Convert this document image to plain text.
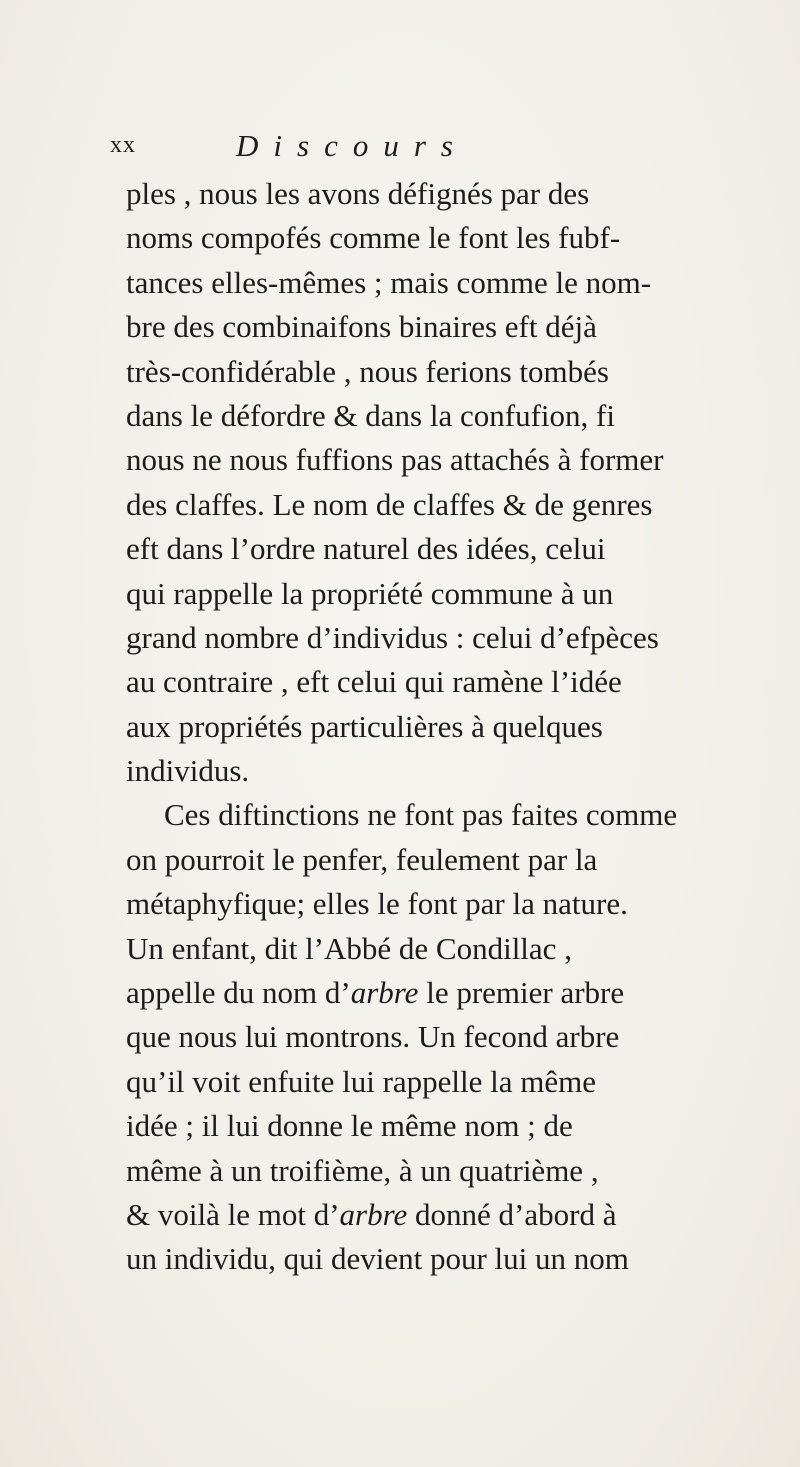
xx	Discours
ples , nous les avons défignés par des
noms compofés comme le font les fubf-
tances elles-mêmes ; mais comme le nom-
bre des combinaifons binaires eft déjà
très-confidérable , nous ferions tombés
dans le défordre & dans la confufion, fi
nous ne nous fuffions pas attachés à former
des claffes. Le nom de claffes & de genres
eft dans l’ordre naturel des idées, celui
qui rappelle la propriété commune à un
grand nombre d’individus : celui d’efpèces
au contraire , eft celui qui ramène l’idée
aux propriétés particulières à quelques
individus.
Ces diftinctions ne font pas faites comme
on pourroit le penfer, feulement par la
métaphyfique; elles le font par la nature.
Un enfant, dit l’Abbé de Condillac ,
appelle du nom d’arbre le premier arbre
que nous lui montrons. Un fecond arbre
qu’il voit enfuite lui rappelle la même
idée ; il lui donne le même nom ; de
même à un troifième, à un quatrième ,
& voilà le mot d’arbre donné d’abord à
un individu, qui devient pour lui un nom
